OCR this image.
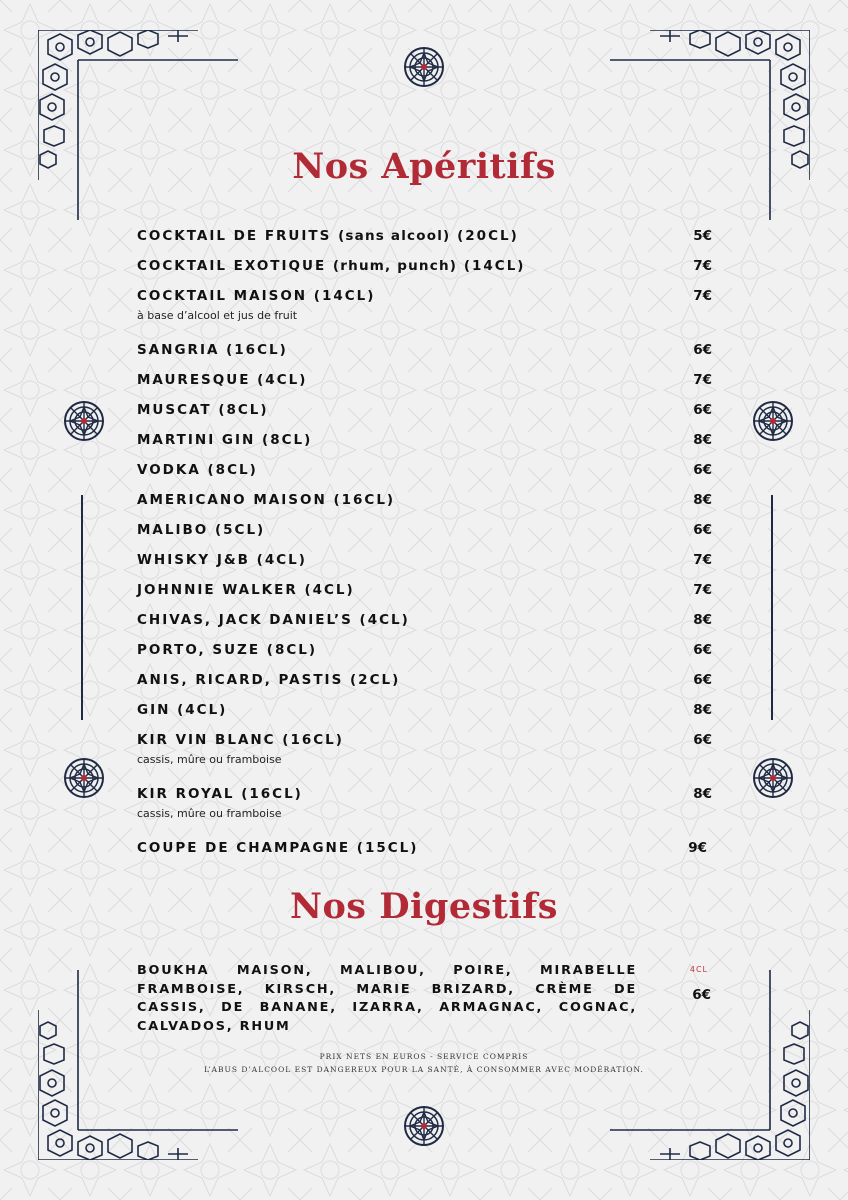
Nos Apéritifs
COCKTAIL DE FRUITS (sans alcool) (20CL)	5€
COCKTAIL EXOTIQUE (rhum, punch) (14CL)	7€
COCKTAIL MAISON (14CL)	7€
à base d’alcool et jus de fruit
SANGRIA (16CL)	6€
MAURESQUE (4CL)	7€
MUSCAT (8CL)	6€
MARTINI GIN (8CL)	8€
VODKA (8CL)	6€
AMERICANO MAISON (16CL)	8€
MALIBO (5CL)	6€
WHISKY J&B (4CL)	7€
JOHNNIE WALKER (4CL)	7€
CHIVAS, JACK DANIEL’S (4CL)	8€
PORTO, SUZE (8CL)	6€
ANIS, RICARD, PASTIS (2CL)	6€
GIN (4CL)	8€
KIR VIN BLANC (16CL)	6€
cassis, mûre ou framboise
KIR ROYAL (16CL)	8€
cassis, mûre ou framboise
COUPE DE CHAMPAGNE (15CL)	9€
Nos Digestifs
BOUKHA MAISON, MALIBOU, POIRE, MIRABELLE FRAMBOISE, KIRSCH, MARIE BRIZARD, CRÈME DE CASSIS, DE BANANE, IZARRA, ARMAGNAC, COGNAC, CALVADOS, RHUM
4CL
6€
PRIX NETS EN EUROS - SERVICE COMPRIS
L’ABUS D’ALCOOL EST DANGEREUX POUR LA SANTÉ, À CONSOMMER AVEC MODÉRATION.
